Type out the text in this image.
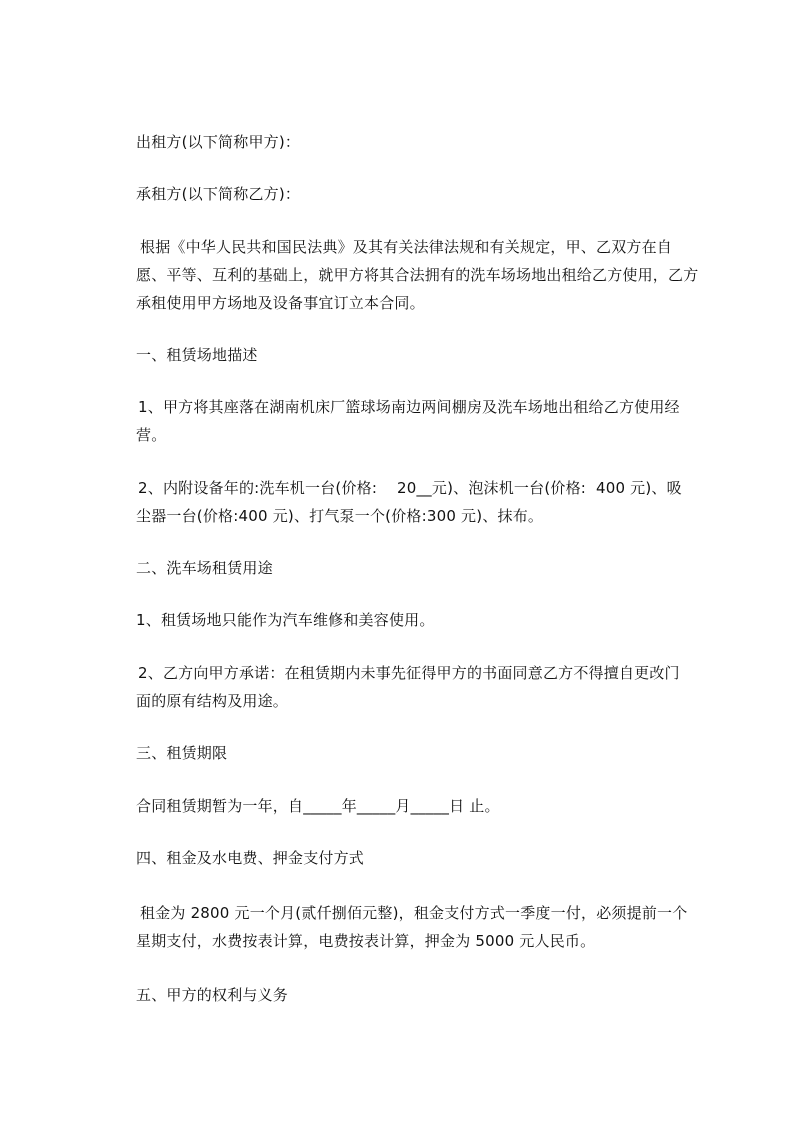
出租方(以下简称甲方)：
承租方(以下简称乙方)：
根据《中华人民共和国民法典》及其有关法律法规和有关规定，甲、乙双方在自
愿、平等、互利的基础上，就甲方将其合法拥有的洗车场场地出租给乙方使用，乙方
承租使用甲方场地及设备事宜订立本合同。
一、租赁场地描述
1、甲方将其座落在湖南机床厂篮球场南边两间棚房及洗车场地出租给乙方使用经
营。
2、内附设备年的:洗车机一台(价格:    20__元)、泡沫机一台(价格:  400 元)、吸
尘器一台(价格:400 元)、打气泵一个(价格:300 元)、抹布。
二、洗车场租赁用途
1、租赁场地只能作为汽车维修和美容使用。
2、乙方向甲方承诺：在租赁期内未事先征得甲方的书面同意乙方不得擅自更改门
面的原有结构及用途。
三、租赁期限
合同租赁期暂为一年，自_____年_____月_____日 止。
四、租金及水电费、押金支付方式
租金为 2800 元一个月(贰仟捌佰元整)，租金支付方式一季度一付，必须提前一个
星期支付，水费按表计算，电费按表计算，押金为 5000 元人民币。
五、甲方的权利与义务
